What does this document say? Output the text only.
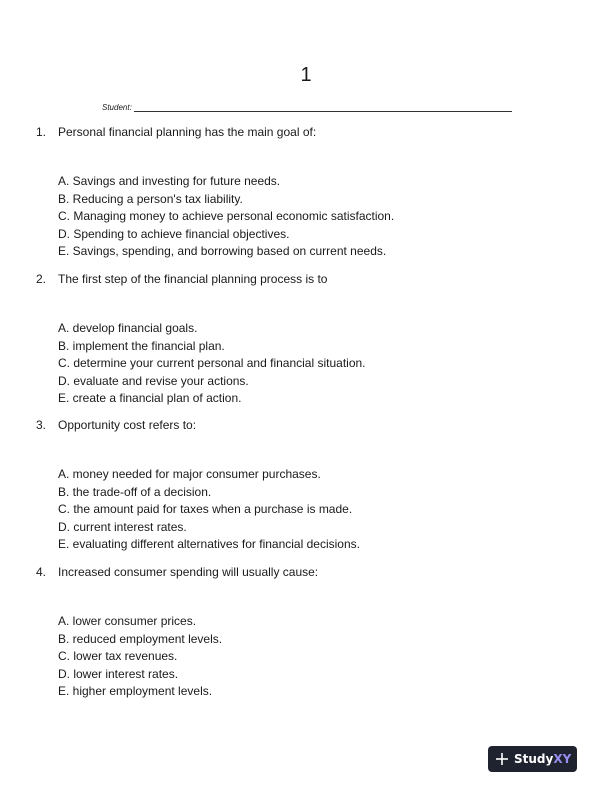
1
Student:
1. Personal financial planning has the main goal of:
A. Savings and investing for future needs.
B. Reducing a person's tax liability.
C. Managing money to achieve personal economic satisfaction.
D. Spending to achieve financial objectives.
E. Savings, spending, and borrowing based on current needs.
2. The first step of the financial planning process is to
A. develop financial goals.
B. implement the financial plan.
C. determine your current personal and financial situation.
D. evaluate and revise your actions.
E. create a financial plan of action.
3. Opportunity cost refers to:
A. money needed for major consumer purchases.
B. the trade-off of a decision.
C. the amount paid for taxes when a purchase is made.
D. current interest rates.
E. evaluating different alternatives for financial decisions.
4. Increased consumer spending will usually cause:
A. lower consumer prices.
B. reduced employment levels.
C. lower tax revenues.
D. lower interest rates.
E. higher employment levels.
StudyXY
